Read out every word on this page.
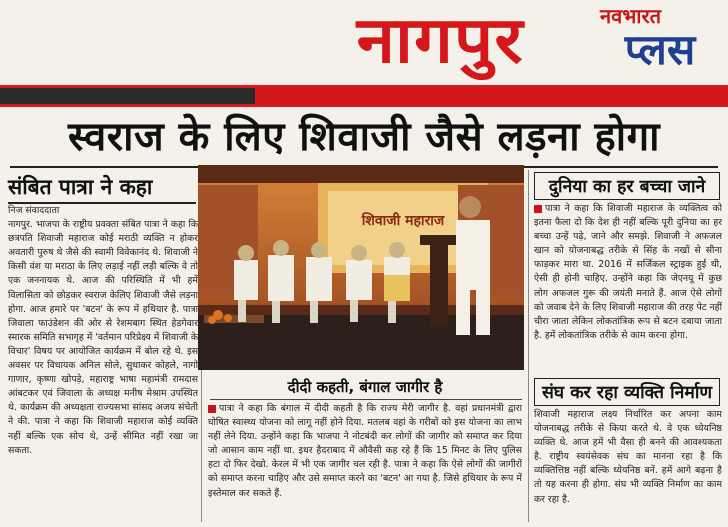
नागपुर	नवभारत
प्लस
स्वराज के लिए शिवाजी जैसे लड़ना होगा
संबित पात्रा ने कहा
निज संवाददाता
नागपुर. भाजपा के राष्ट्रीय प्रवक्ता संबित पात्रा ने कहा कि छत्रपति शिवाजी महाराज कोई मराठी व्यक्ति न होकर अवतारी पुरुष थे जैसे की स्वामी विवेकानंद थे. शिवाजी ने किसी वंश या मराठा के लिए लड़ाई नहीं लड़ी बल्कि वे तो एक जननायक थे. आज की परिस्थिति में भी हमें विलासिता को छोड़कर स्वराज केलिए शिवाजी जैसे लड़ना होगा. आज हमारे पर 'बटन' के रूप में हथियार है. पात्रा जिवाला फाउंडेशन की ओर से रेशमबाग स्थित हेडगेवार स्मारक समिति सभागृह में 'वर्तमान परिप्रेक्ष्य में शिवाजी के विचार' विषय पर आयोजित कार्यक्रम में बोल रहे थे. इस अवसर पर विधायक अनिल सोले, सुधाकर कोहले, नागो गाणार, कृष्णा खोपड़े, महाराष्ट्र भाषा महामंत्री रामदास आंबटकर एवं जिवाला के अध्यक्ष मनीष मेश्राम उपस्थित थे. कार्यक्रम की अध्यक्षता राज्यसभा सांसद अजय संचेती ने की. पात्रा ने कहा कि शिवाजी महाराज कोई व्यक्ति नहीं बल्कि एक सोच थे, उन्हें सीमित नहीं रखा जा सकता.
शिवाजी महाराज
दीदी कहती, बंगाल जागीर है
पात्रा ने कहा कि बंगाल में दीदी कहती है कि राज्य मेरी जागीर है. वहां प्रधानमंत्री द्वारा घोषित स्वास्थ्य योजना को लागू नहीं होने दिया. मतलब वहां के गरीबों को इस योजना का लाभ नहीं लेने दिया. उन्होंने कहा कि भाजपा ने नोटबंदी कर लोगों की जागीर को समाप्त कर दिया जो आसान काम नहीं था. इधर हैदराबाद में औवैसी कह रहे हैं कि 15 मिनट के लिए पुलिस हटा दो फिर देखो. केरल में भी एक जागीर चल रही है. पात्रा ने कहा कि ऐसे लोगों की जागीरों को समाप्त करना चाहिए और उसे समाप्त करने का 'बटन' आ गया है. जिसे हथियार के रूप में इस्तेमाल कर सकते हैं.
दुनिया का हर बच्चा जाने
पात्रा ने कहा कि शिवाजी महाराज के व्यक्तित्व को इतना फैला दो कि देश ही नहीं बल्कि पूरी दुनिया का हर बच्चा उन्हें पढ़े, जाने और समझे. शिवाजी ने अफजल खान को योजनाबद्ध तरीके से सिंह के नखों से सीना फाड़कर मारा था. 2016 में सर्जिकल स्ट्राइक हुई थी, ऐसी ही होनी चाहिए. उन्होंने कहा कि जेएनयू में कुछ लोग अफजल गुरू की जयंती मनाते हैं. आज ऐसे लोगों को जवाब देने के लिए शिवाजी महाराज की तरह पेट नहीं चीरा जाता लेकिन लोकतांत्रिक रूप से बटन दबाया जाता है. हमें लोकतांत्रिक तरीके से काम करना होगा.
संघ कर रहा व्यक्ति निर्माण
शिवाजी महाराज लक्ष्य निर्धारित कर अपना काम योजनाबद्ध तरीके से किया करते थे. वे एक ध्येयनिष्ठ व्यक्ति थे. आज हमें भी वैसा ही बनने की आवश्यकता है. राष्ट्रीय स्वयंसेवक संघ का मानना रहा है कि व्यक्तित्तिष्ठ नहीं बल्कि ध्येयनिष्ठ बनें. हमें आगे बढ़ना है तो यह करना ही होगा. संघ भी व्यक्ति निर्माण का काम कर रहा है.
